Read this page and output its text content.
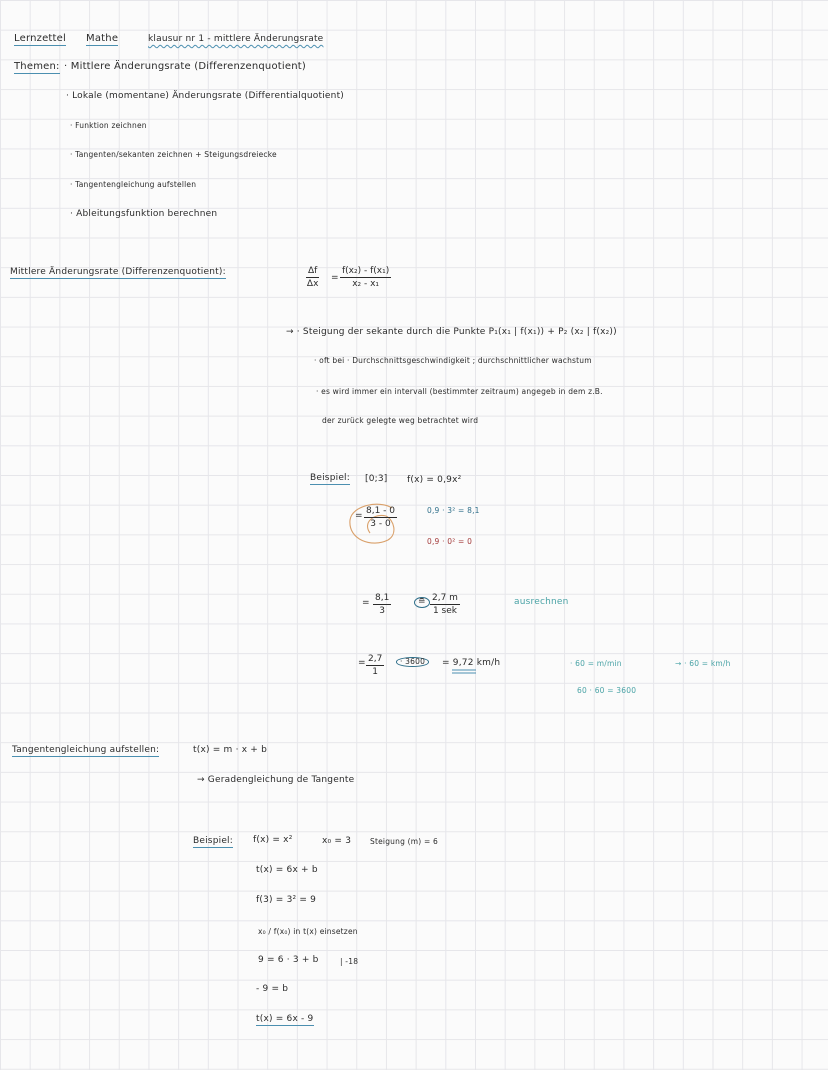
Lernzettel Mathe	klausur nr 1 - mittlere Änderungsrate
Themen: · Mittlere Änderungsrate (Differenzenquotient)
· Lokale (momentane) Änderungsrate (Differentialquotient)
· Funktion zeichnen
· Tangenten/sekanten zeichnen + Steigungsdreiecke
· Tangentengleichung aufstellen
· Ableitungsfunktion berechnen
Mittlere Änderungsrate (Differenzenquotient):	$\frac{\Delta f}{\Delta x} = \frac{\text{f(x₂) - f(x₁)}}{\text{x₂ - x₁}}$
→ · Steigung der sekante durch die Punkte P₁(x₁ | f(x₁)) + P₂ (x₂ | f(x₂))
· oft bei · Durchschnittsgeschwindigkeit ; durchschnittlicher wachstum
· es wird immer ein intervall (bestimmter zeitraum) angegeb in dem z.B.
der zurück gelegte weg betrachtet wird
Beispiel: [0;3] f(x) = 0,9x²
= $\frac{8,1 - 0}{3 - 0}$	0,9 · 3² = 8,1
0,9 · 0² = 0
= $\frac{8,1}{3}$	≘ 2,7 m
1 sek
ausrechnen
= $\frac{2,7}{1}$	· 3600	= 9,72 km/h	· 60 = m/min	→ · 60 = km/h
60 · 60 = 3600
Tangentengleichung aufstellen:	t(x) = m · x + b
→ Geradengleichung de Tangente
Beispiel: f(x) = x²	x₀ = 3	Steigung (m) = 6
t(x) = 6x + b
f(3) = 3² = 9
x₀ / f(x₀) in t(x) einsetzen
9 = 6 · 3 + b	| -18
- 9 = b
t(x) = 6x - 9
